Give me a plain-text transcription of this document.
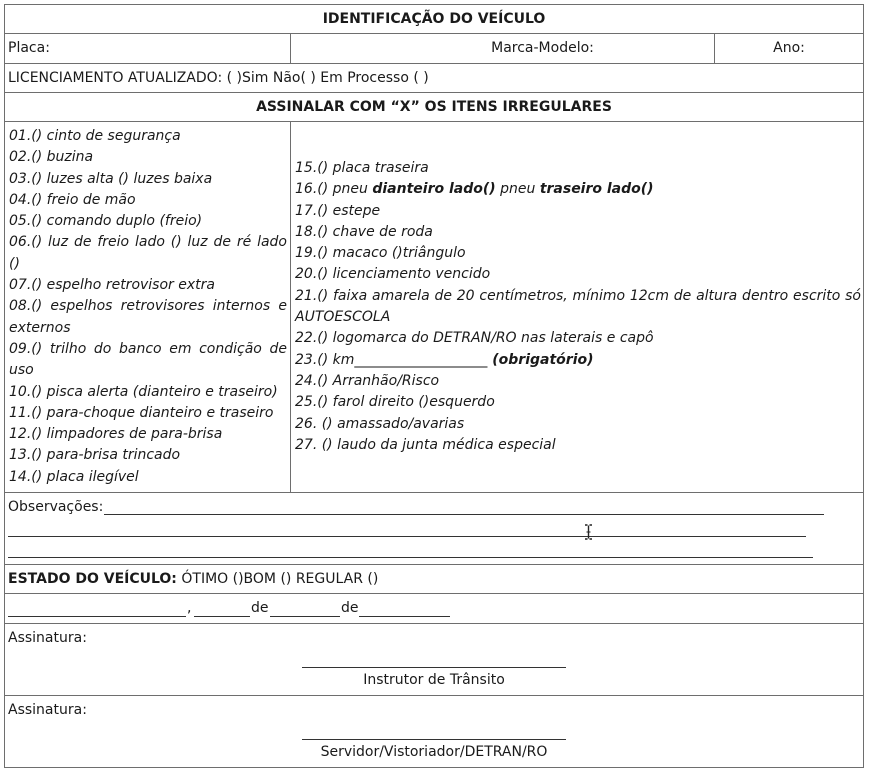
IDENTIFICAÇÃO DO VEÍCULO
Placa:	Marca-Modelo:	Ano:
LICENCIAMENTO ATUALIZADO: ( )Sim Não( ) Em Processo ( )
ASSINALAR COM “X” OS ITENS IRREGULARES
01.() cinto de segurança
02.() buzina
03.() luzes alta () luzes baixa
04.() freio de mão
05.() comando duplo (freio)
06.() luz de freio lado () luz de ré lado ()
07.() espelho retrovisor extra
08.() espelhos retrovisores internos e externos
09.() trilho do banco em condição de uso
10.() pisca alerta (dianteiro e traseiro)
11.() para-choque dianteiro e traseiro
12.() limpadores de para-brisa
13.() para-brisa trincado
14.() placa ilegível
15.() placa traseira
16.() pneu dianteiro lado() pneu traseiro lado()
17.() estepe
18.() chave de roda
19.() macaco ()triângulo
20.() licenciamento vencido
21.() faixa amarela de 20 centímetros, mínimo 12cm de altura dentro escrito só AUTOESCOLA
22.() logomarca do DETRAN/RO nas laterais e capô
23.() km___________________ (obrigatório)
24.() Arranhão/Risco
25.() farol direito ()esquerdo
26. () amassado/avarias
27. () laudo da junta médica especial
Observações:
ESTADO DO VEÍCULO: ÓTIMO ()BOM () REGULAR ()
,	de	de
Assinatura:
Instrutor de Trânsito
Assinatura:
Servidor/Vistoriador/DETRAN/RO
